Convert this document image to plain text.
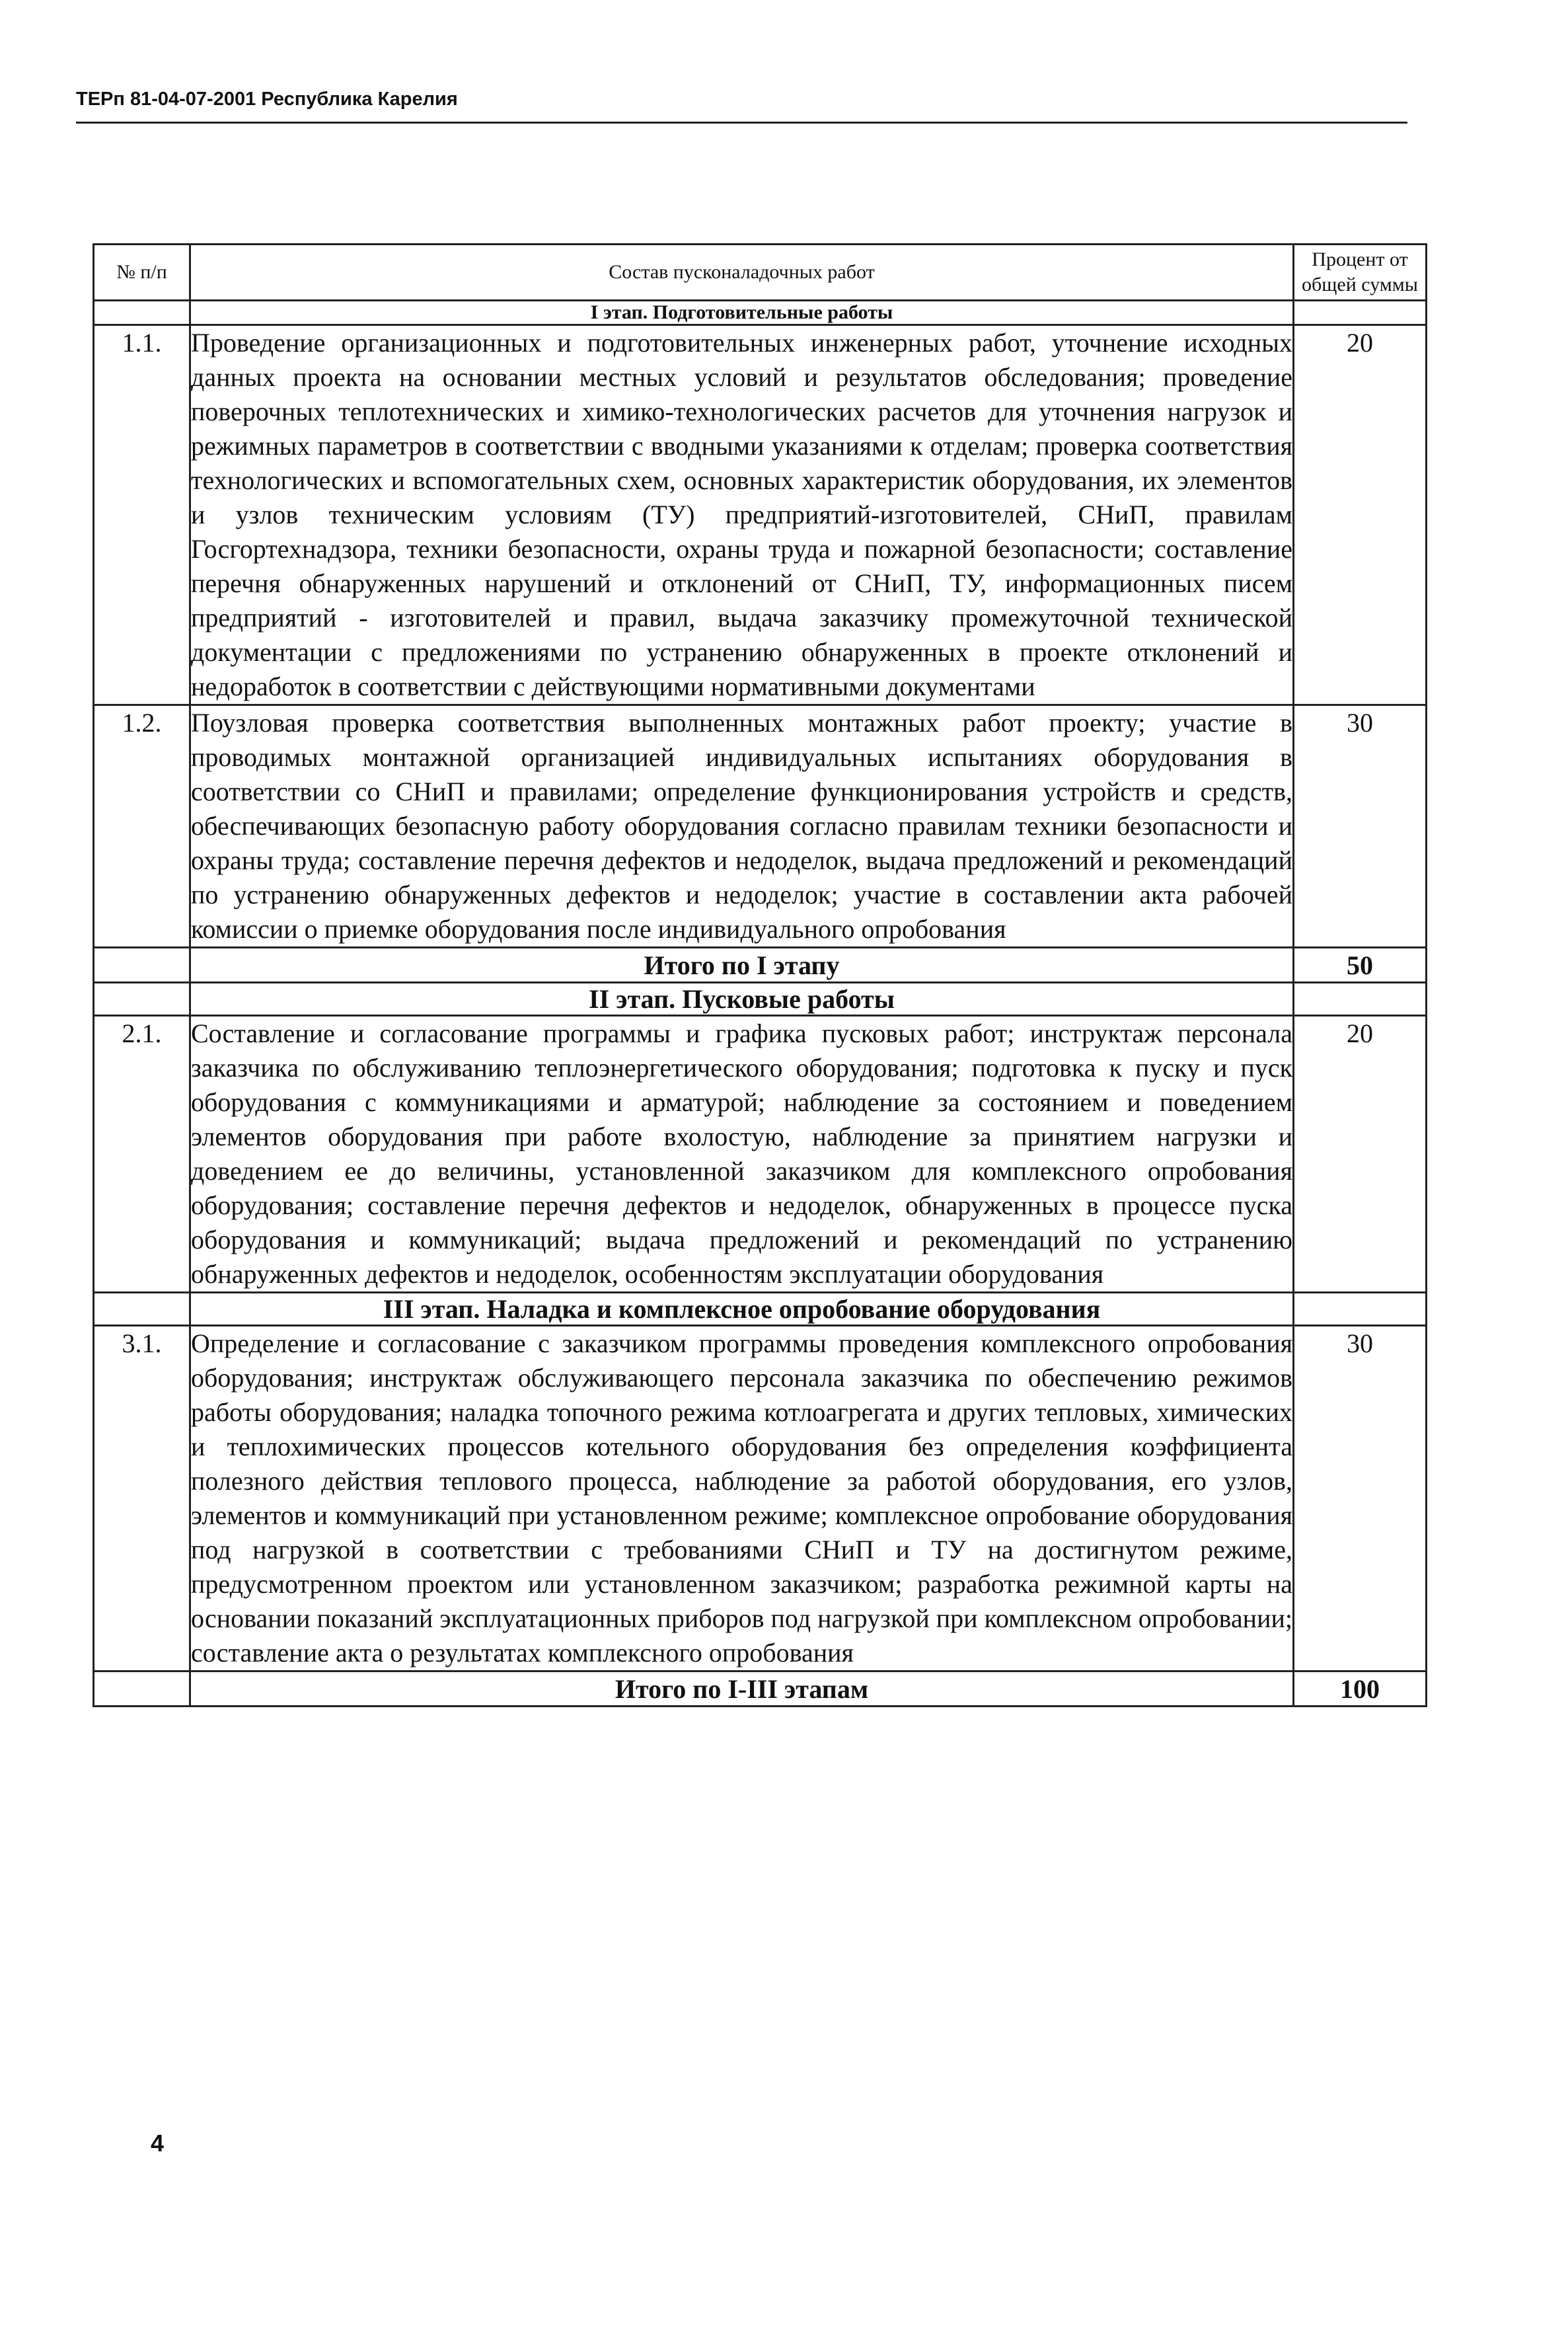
ТЕРп 81-04-07-2001 Республика Карелия
№ п/п	Состав пусконаладочных работ	Процент от общей суммы
	I этап. Подготовительные работы	
1.1.	Проведение организационных и подготовительных инженерных работ, уточнение исходных данных проекта на основании местных условий и результатов обследования; проведение поверочных теплотехнических и химико-технологических расчетов для уточнения нагрузок и режимных параметров в соответствии с вводными указаниями к отделам; проверка соответствия технологических и вспомогательных схем, основных характеристик оборудования, их элементов и узлов техническим условиям (ТУ) предприятий-изготовителей, СНиП, правилам Госгортехнадзора, техники безопасности, охраны труда и пожарной безопасности; составление перечня обнаруженных нарушений и отклонений от СНиП, ТУ, информационных писем предприятий - изготовителей и правил, выдача заказчику промежуточной технической документации с предложениями по устранению обнаруженных в проекте отклонений и недоработок в соответствии с действующими нормативными документами	20
1.2.	Поузловая проверка соответствия выполненных монтажных работ проекту; участие в проводимых монтажной организацией индивидуальных испытаниях оборудования в соответствии со СНиП и правилами; определение функционирования устройств и средств, обеспечивающих безопасную работу оборудования согласно правилам техники безопасности и охраны труда; составление перечня дефектов и недоделок, выдача предложений и рекомендаций по устранению обнаруженных дефектов и недоделок; участие в составлении акта рабочей комиссии о приемке оборудования после индивидуального опробования	30
	Итого по I этапу	50
	II этап. Пусковые работы	
2.1.	Составление и согласование программы и графика пусковых работ; инструктаж персонала заказчика по обслуживанию теплоэнергетического оборудования; подготовка к пуску и пуск оборудования с коммуникациями и арматурой; наблюдение за состоянием и поведением элементов оборудования при работе вхолостую, наблюдение за принятием нагрузки и доведением ее до величины, установленной заказчиком для комплексного опробования оборудования; составление перечня дефектов и недоделок, обнаруженных в процессе пуска оборудования и коммуникаций; выдача предложений и рекомендаций по устранению обнаруженных дефектов и недоделок, особенностям эксплуатации оборудования	20
	III этап. Наладка и комплексное опробование оборудования	
3.1.	Определение и согласование с заказчиком программы проведения комплексного опробования оборудования; инструктаж обслуживающего персонала заказчика по обеспечению режимов работы оборудования; наладка топочного режима котлоагрегата и других тепловых, химических и теплохимических процессов котельного оборудования без определения коэффициента полезного действия теплового процесса, наблюдение за работой оборудования, его узлов, элементов и коммуникаций при установленном режиме; комплексное опробование оборудования под нагрузкой в соответствии с требованиями СНиП и ТУ на достигнутом режиме, предусмотренном проектом или установленном заказчиком; разработка режимной карты на основании показаний эксплуатационных приборов под нагрузкой при комплексном опробовании; составление акта о результатах комплексного опробования	30
	Итого по I-III этапам	100
4
